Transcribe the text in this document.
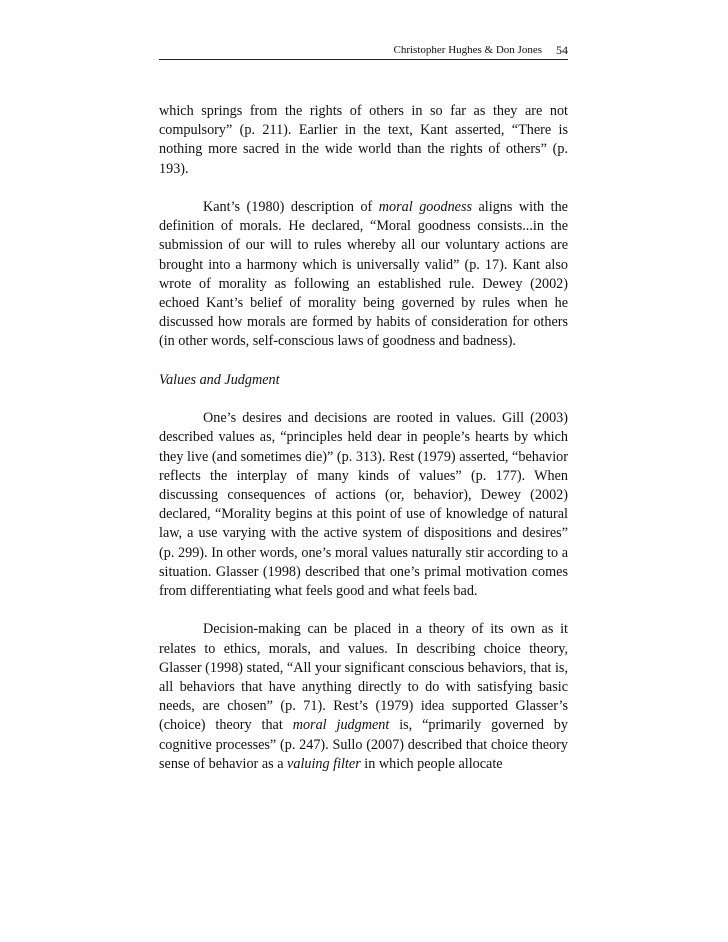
Christopher Hughes & Don Jones 54

which springs from the rights of others in so far as they are not compulsory” (p. 211). Earlier in the text, Kant asserted, “There is nothing more sacred in the wide world than the rights of others” (p. 193).

Kant’s (1980) description of moral goodness aligns with the definition of morals. He declared, “Moral goodness consists...in the submission of our will to rules whereby all our voluntary actions are brought into a harmony which is universally valid” (p. 17). Kant also wrote of morality as following an established rule. Dewey (2002) echoed Kant’s belief of morality being governed by rules when he discussed how morals are formed by habits of consideration for others (in other words, self-conscious laws of goodness and badness).

Values and Judgment

One’s desires and decisions are rooted in values. Gill (2003) described values as, “principles held dear in people’s hearts by which they live (and sometimes die)” (p. 313). Rest (1979) asserted, “behavior reflects the interplay of many kinds of values” (p. 177). When discussing consequences of actions (or, behavior), Dewey (2002) declared, “Morality begins at this point of use of knowledge of natural law, a use varying with the active system of dispositions and desires” (p. 299). In other words, one’s moral values naturally stir according to a situation. Glasser (1998) described that one’s primal motivation comes from differentiating what feels good and what feels bad.

Decision-making can be placed in a theory of its own as it relates to ethics, morals, and values. In describing choice theory, Glasser (1998) stated, “All your significant conscious behaviors, that is, all behaviors that have anything directly to do with satisfying basic needs, are chosen” (p. 71). Rest’s (1979) idea supported Glasser’s (choice) theory that moral judgment is, “primarily governed by cognitive processes” (p. 247). Sullo (2007) described that choice theory sense of behavior as a valuing filter in which people allocate
